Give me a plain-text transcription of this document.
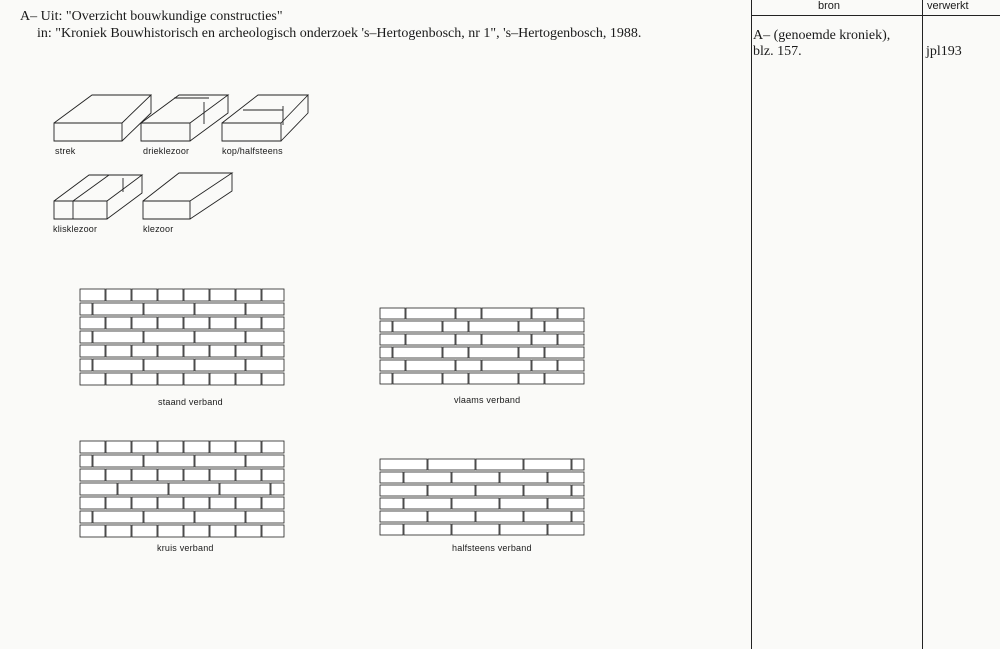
A– Uit: "Overzicht bouwkundige constructies"
in: "Kroniek Bouwhistorisch en archeologisch onderzoek 's–Hertogenbosch, nr 1", 's–Hertogenbosch, 1988.
bron	verwerkt
A– (genoemde kroniek),
blz. 157.	jpl193
strek	drieklezoor	kop/halfsteens
klisklezoor	klezoor
staand verband	vlaams verband
kruis verband	halfsteens verband
